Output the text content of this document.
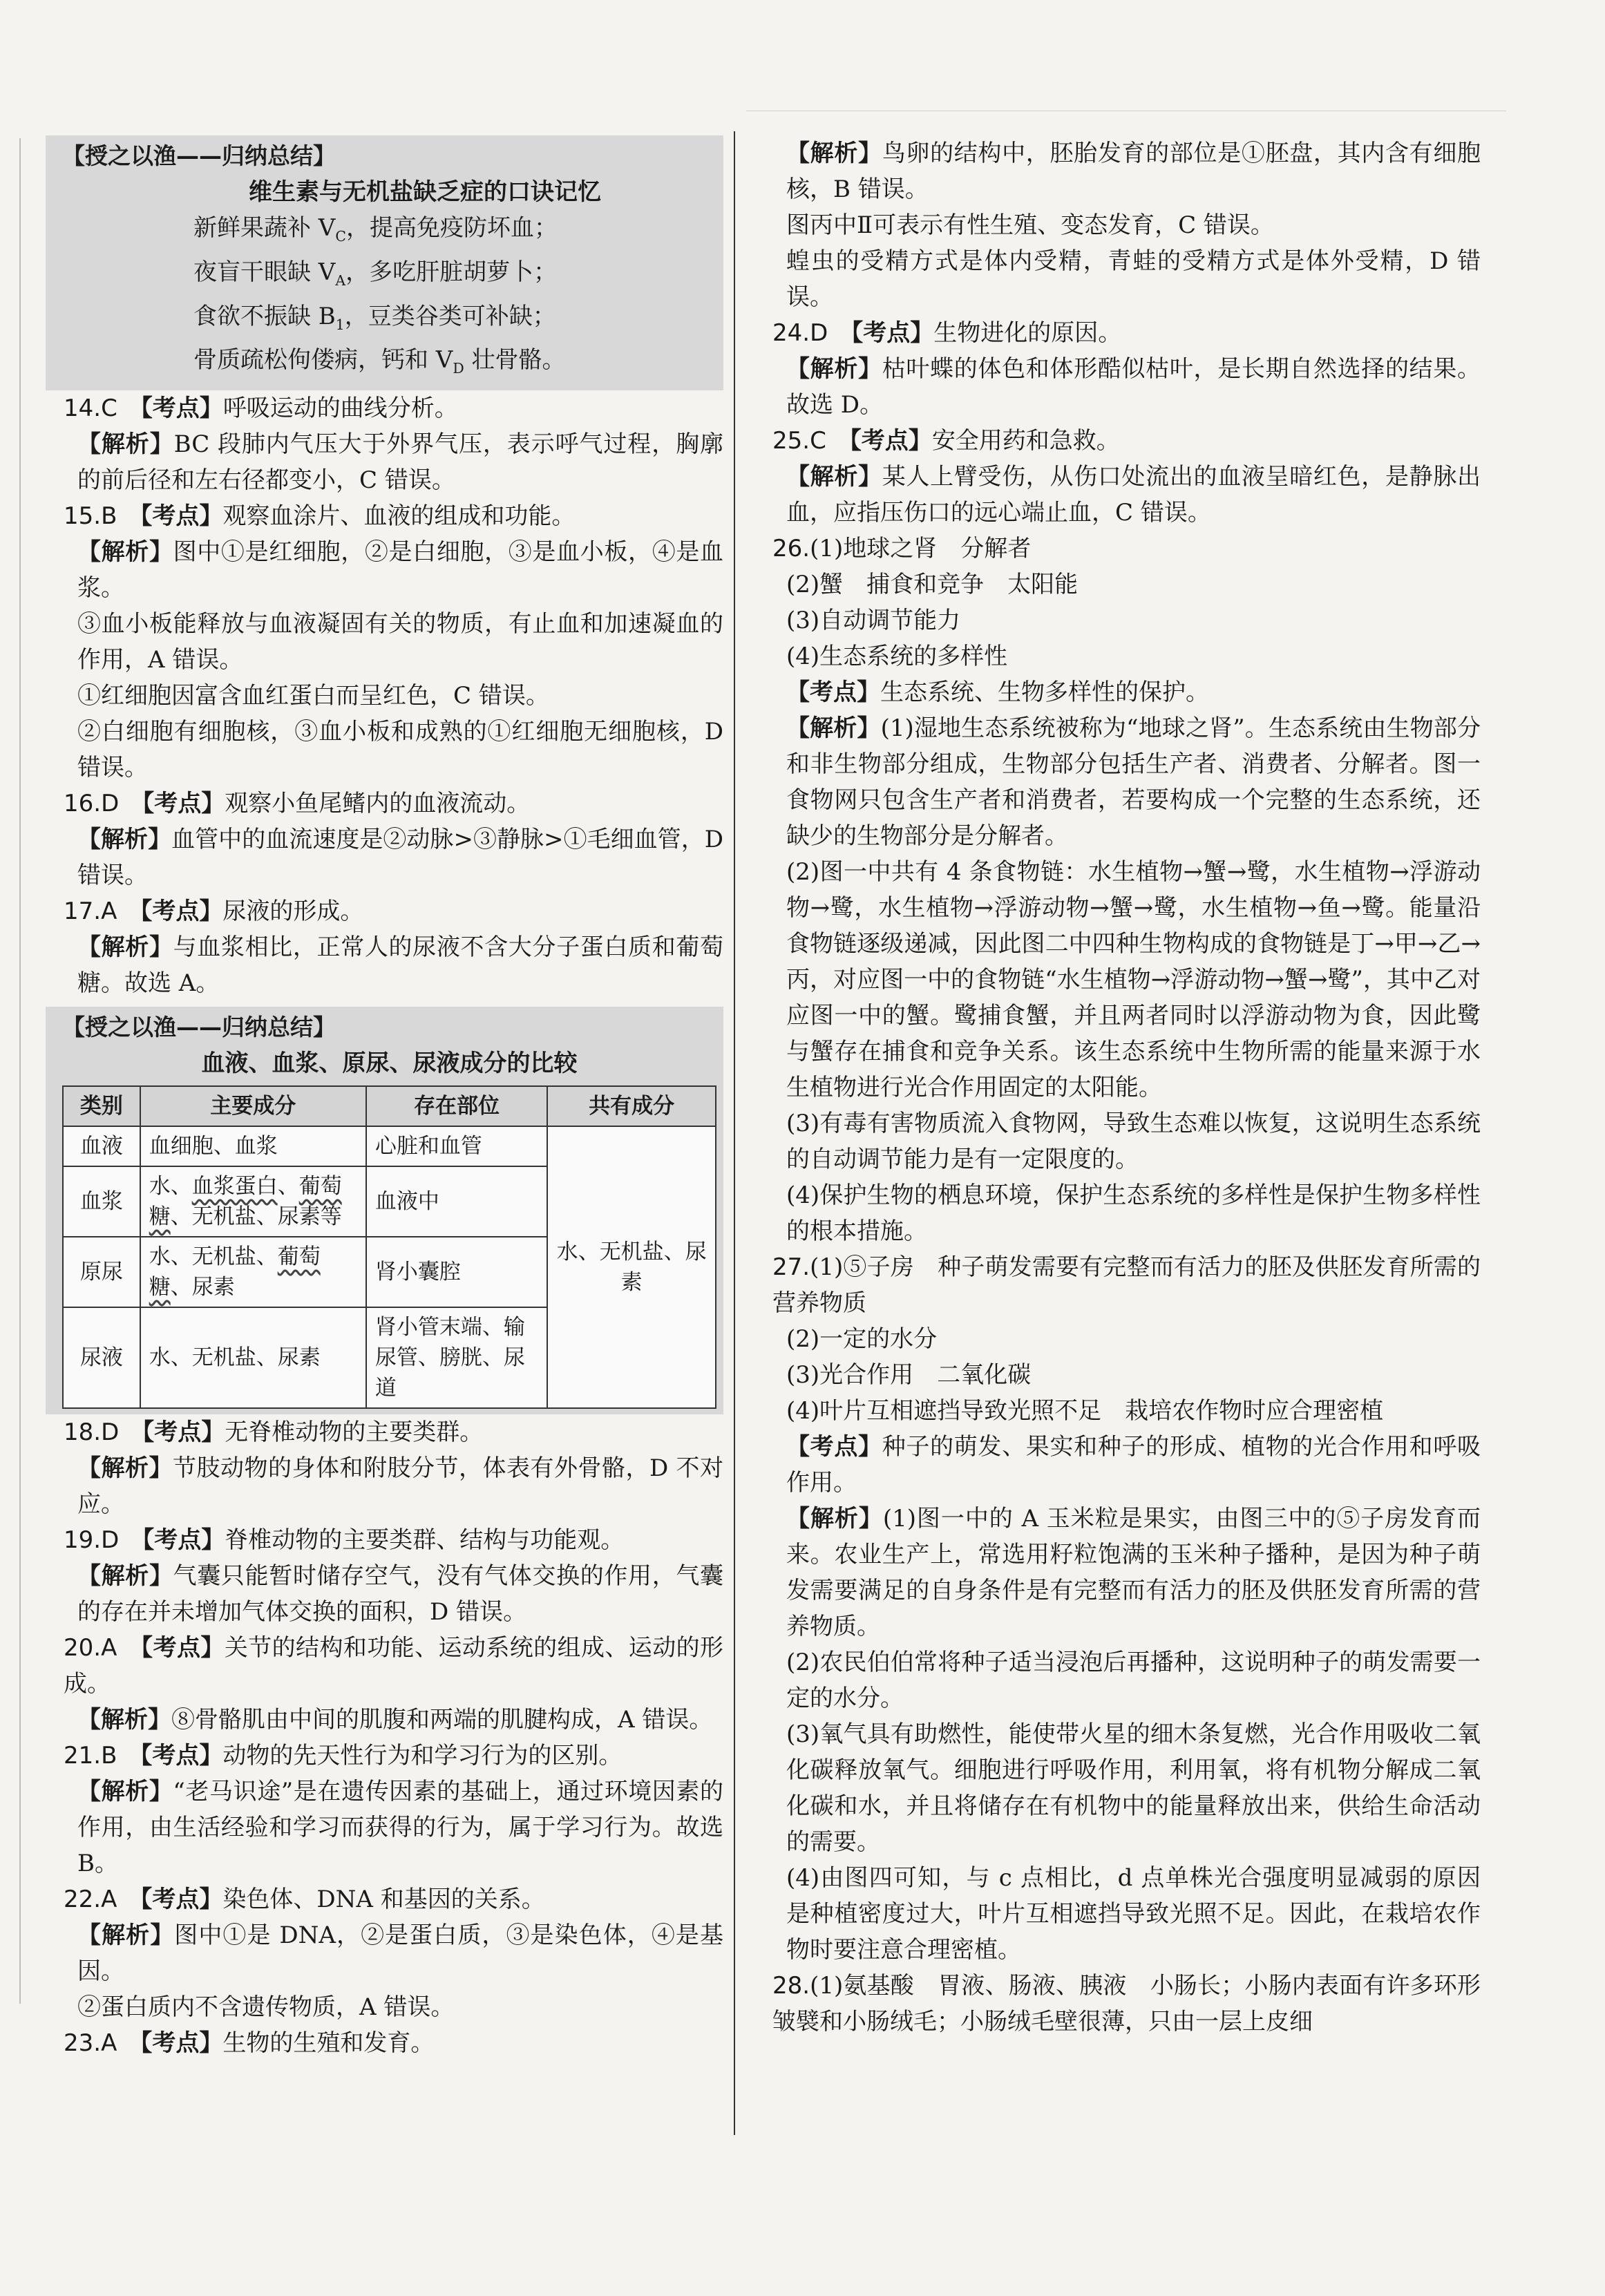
【授之以渔——归纳总结】
维生素与无机盐缺乏症的口诀记忆
新鲜果蔬补 $V_C$，提高免疫防坏血；
夜盲干眼缺 $V_A$，多吃肝脏胡萝卜；
食欲不振缺 $B_1$，豆类谷类可补缺；
骨质疏松佝偻病，钙和 $V_D$ 壮骨骼。
14.C　 【考点】呼吸运动的曲线分析。
【解析】BC 段肺内气压大于外界气压，表示呼气过程，胸廓的前后径和左右径都变小，C 错误。
15.B　 【考点】观察血涂片、血液的组成和功能。
【解析】图中①是红细胞，②是白细胞，③是血小板，④是血浆。
③血小板能释放与血液凝固有关的物质，有止血和加速凝血的作用，A 错误。
①红细胞因富含血红蛋白而呈红色，C 错误。
②白细胞有细胞核，③血小板和成熟的①红细胞无细胞核，D 错误。
16.D　 【考点】观察小鱼尾鳍内的血液流动。
【解析】血管中的血流速度是②动脉>③静脉>①毛细血管，D 错误。
17.A　 【考点】尿液的形成。
【解析】与血浆相比，正常人的尿液不含大分子蛋白质和葡萄糖。故选 A。
【授之以渔——归纳总结】
血液、血浆、原尿、尿液成分的比较
类别	主要成分	存在部位	共有成分
血液	血细胞、血浆	心脏和血管	水、无机盐、尿素
血浆	水、血浆蛋白、葡萄糖、无机盐、尿素等	血液中	
原尿	水、无机盐、葡萄糖、尿素	肾小囊腔	
尿液	水、无机盐、尿素	肾小管末端、输尿管、膀胱、尿道	
18.D　 【考点】无脊椎动物的主要类群。
【解析】节肢动物的身体和附肢分节，体表有外骨骼，D 不对应。
19.D　 【考点】脊椎动物的主要类群、结构与功能观。
【解析】气囊只能暂时储存空气，没有气体交换的作用，气囊的存在并未增加气体交换的面积，D 错误。
20.A　 【考点】关节的结构和功能、运动系统的组成、运动的形成。
【解析】⑧骨骼肌由中间的肌腹和两端的肌腱构成，A 错误。
21.B　 【考点】动物的先天性行为和学习行为的区别。
【解析】“老马识途”是在遗传因素的基础上，通过环境因素的作用，由生活经验和学习而获得的行为，属于学习行为。故选 B。
22.A　 【考点】染色体、DNA 和基因的关系。
【解析】图中①是 DNA，②是蛋白质，③是染色体，④是基因。
②蛋白质内不含遗传物质，A 错误。
23.A　 【考点】生物的生殖和发育。
【解析】鸟卵的结构中，胚胎发育的部位是①胚盘，其内含有细胞核，B 错误。
图丙中Ⅱ可表示有性生殖、变态发育，C 错误。
蝗虫的受精方式是体内受精，青蛙的受精方式是体外受精，D 错误。
24.D　 【考点】生物进化的原因。
【解析】枯叶蝶的体色和体形酷似枯叶，是长期自然选择的结果。故选 D。
25.C　 【考点】安全用药和急救。
【解析】某人上臂受伤，从伤口处流出的血液呈暗红色，是静脉出血，应指压伤口的远心端止血，C 错误。
26.(1)地球之肾　分解者
(2)蟹　捕食和竞争　太阳能
(3)自动调节能力
(4)生态系统的多样性
【考点】生态系统、生物多样性的保护。
【解析】(1)湿地生态系统被称为“地球之肾”。生态系统由生物部分和非生物部分组成，生物部分包括生产者、消费者、分解者。图一食物网只包含生产者和消费者，若要构成一个完整的生态系统，还缺少的生物部分是分解者。
(2)图一中共有 4 条食物链：水生植物→蟹→鹭，水生植物→浮游动物→鹭，水生植物→浮游动物→蟹→鹭，水生植物→鱼→鹭。能量沿食物链逐级递减，因此图二中四种生物构成的食物链是丁→甲→乙→丙，对应图一中的食物链“水生植物→浮游动物→蟹→鹭”，其中乙对应图一中的蟹。鹭捕食蟹，并且两者同时以浮游动物为食，因此鹭与蟹存在捕食和竞争关系。该生态系统中生物所需的能量来源于水生植物进行光合作用固定的太阳能。
(3)有毒有害物质流入食物网，导致生态难以恢复，这说明生态系统的自动调节能力是有一定限度的。
(4)保护生物的栖息环境，保护生态系统的多样性是保护生物多样性的根本措施。
27.(1)⑤子房　种子萌发需要有完整而有活力的胚及供胚发育所需的营养物质
(2)一定的水分
(3)光合作用　二氧化碳
(4)叶片互相遮挡导致光照不足　栽培农作物时应合理密植
【考点】种子的萌发、果实和种子的形成、植物的光合作用和呼吸作用。
【解析】(1)图一中的 A 玉米粒是果实，由图三中的⑤子房发育而来。农业生产上，常选用籽粒饱满的玉米种子播种，是因为种子萌发需要满足的自身条件是有完整而有活力的胚及供胚发育所需的营养物质。
(2)农民伯伯常将种子适当浸泡后再播种，这说明种子的萌发需要一定的水分。
(3)氧气具有助燃性，能使带火星的细木条复燃，光合作用吸收二氧化碳释放氧气。细胞进行呼吸作用，利用氧，将有机物分解成二氧化碳和水，并且将储存在有机物中的能量释放出来，供给生命活动的需要。
(4)由图四可知，与 c 点相比，d 点单株光合强度明显减弱的原因是种植密度过大，叶片互相遮挡导致光照不足。因此，在栽培农作物时要注意合理密植。
28.(1)氨基酸　胃液、肠液、胰液　小肠长；小肠内表面有许多环形皱襞和小肠绒毛；小肠绒毛壁很薄，只由一层上皮细
